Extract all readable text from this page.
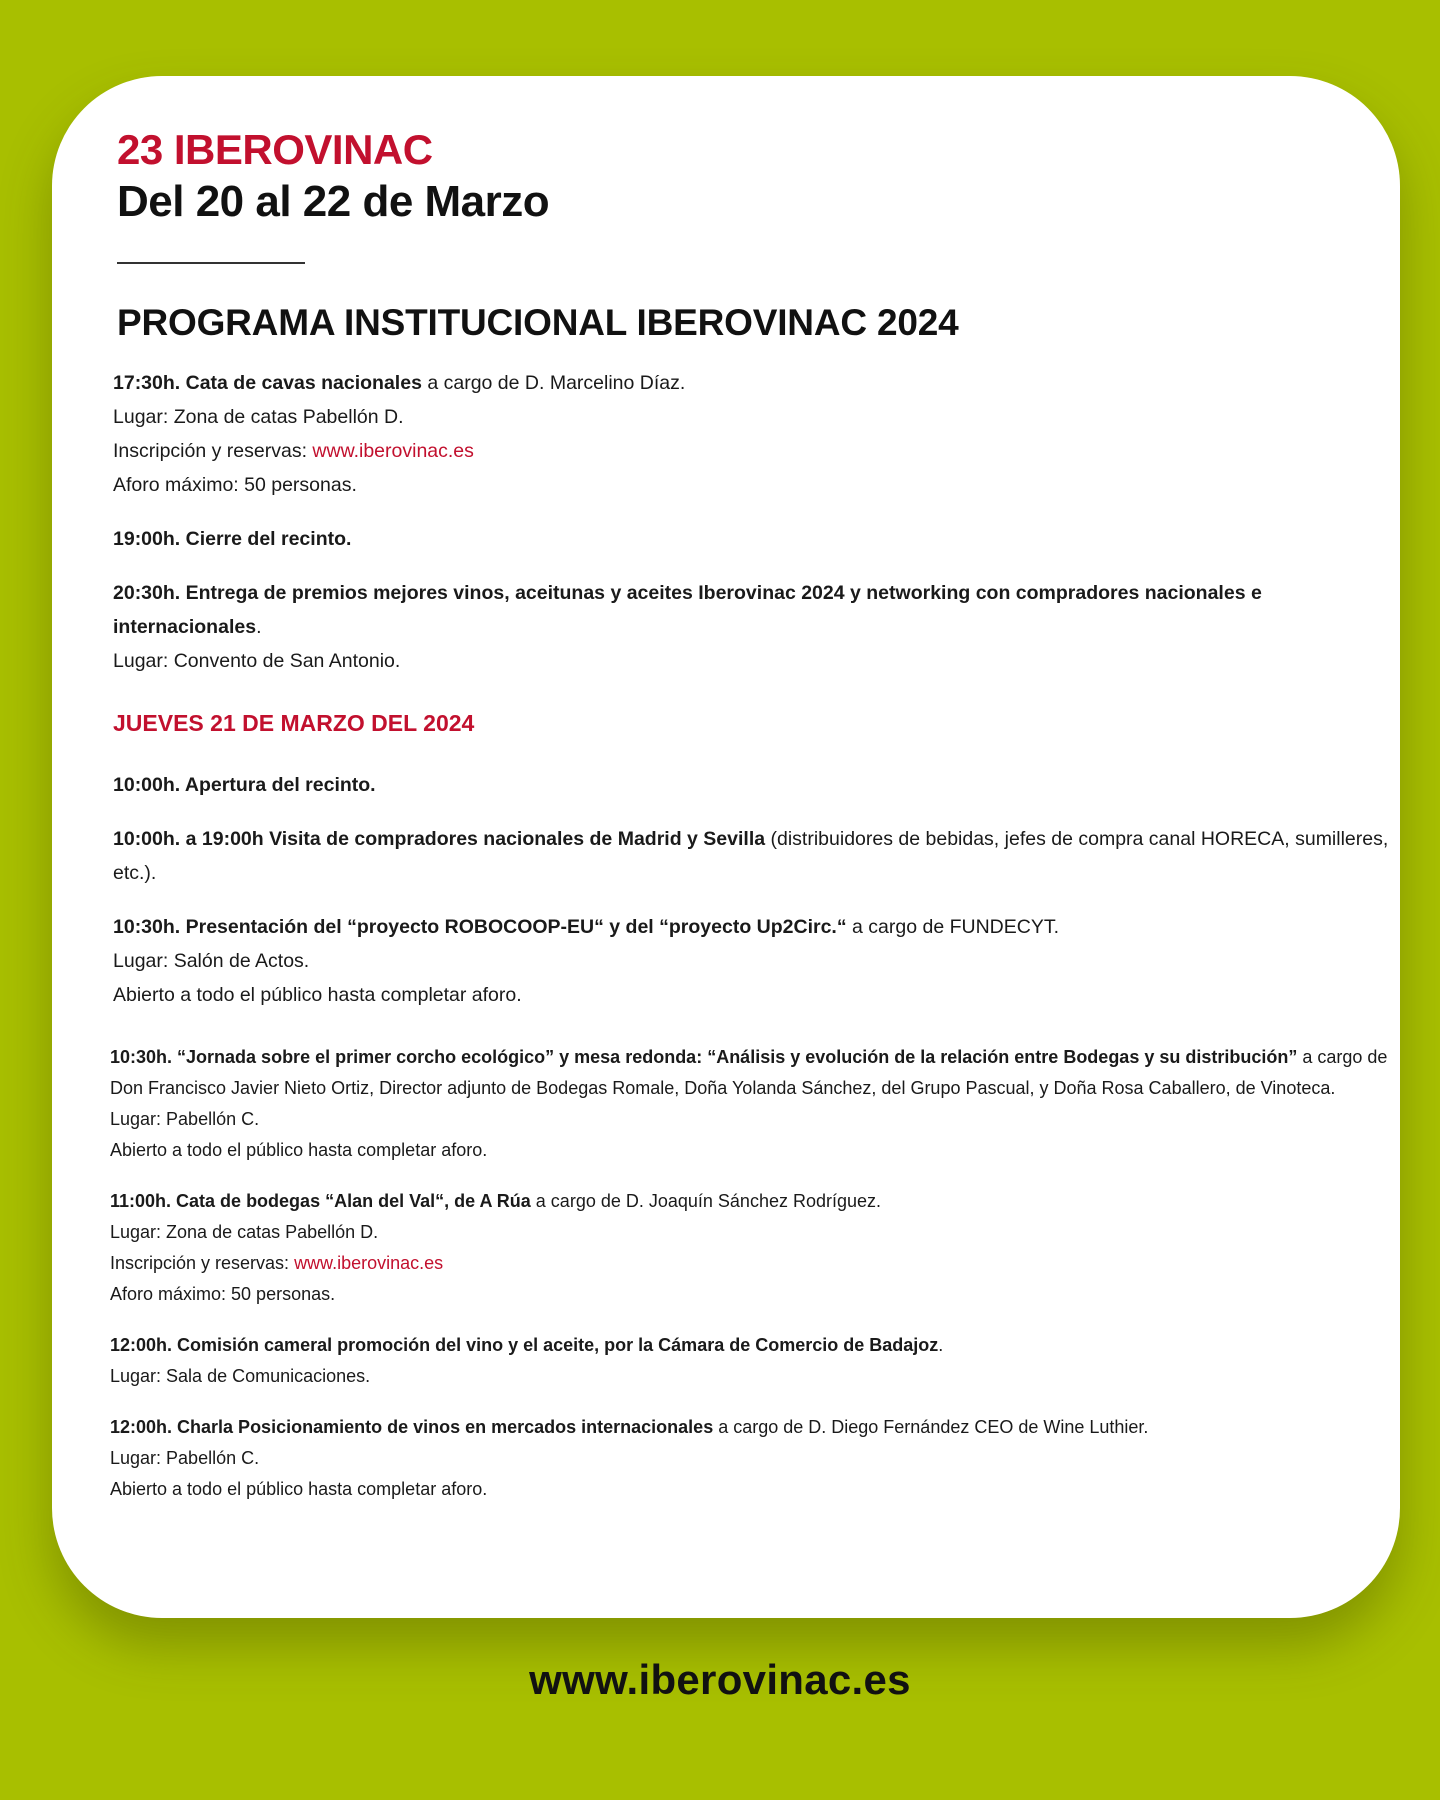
23 IBEROVINAC
Del 20 al 22 de Marzo
PROGRAMA INSTITUCIONAL IBEROVINAC 2024

17:30h. Cata de cavas nacionales a cargo de D. Marcelino Díaz.

Lugar: Zona de catas Pabellón D.

Inscripción y reservas: www.iberovinac.es

Aforo máximo: 50 personas.

19:00h. Cierre del recinto.

20:30h. Entrega de premios mejores vinos, aceitunas y aceites Iberovinac 2024 y networking con compradores nacionales e internacionales.

Lugar: Convento de San Antonio.

JUEVES 21 DE MARZO DEL 2024

10:00h. Apertura del recinto.

10:00h. a 19:00h Visita de compradores nacionales de Madrid y Sevilla (distribuidores de bebidas, jefes de compra canal HORECA, sumilleres, etc.).

10:30h. Presentación del “proyecto ROBOCOOP-EU“ y del “proyecto Up2Circ.“ a cargo de FUNDECYT.

Lugar: Salón de Actos.

Abierto a todo el público hasta completar aforo.

10:30h. “Jornada sobre el primer corcho ecológico” y mesa redonda: “Análisis y evolución de la relación entre Bodegas y su distribución” a cargo de Don Francisco Javier Nieto Ortiz, Director adjunto de Bodegas Romale, Doña Yolanda Sánchez, del Grupo Pascual, y Doña Rosa Caballero, de Vinoteca.

Lugar: Pabellón C.

Abierto a todo el público hasta completar aforo.

11:00h. Cata de bodegas “Alan del Val“, de A Rúa a cargo de D. Joaquín Sánchez Rodríguez.

Lugar: Zona de catas Pabellón D.

Inscripción y reservas: www.iberovinac.es

Aforo máximo: 50 personas.

12:00h. Comisión cameral promoción del vino y el aceite, por la Cámara de Comercio de Badajoz.

Lugar: Sala de Comunicaciones.

12:00h. Charla Posicionamiento de vinos en mercados internacionales a cargo de D. Diego Fernández CEO de Wine Luthier.

Lugar: Pabellón C.

Abierto a todo el público hasta completar aforo.

www.iberovinac.es
